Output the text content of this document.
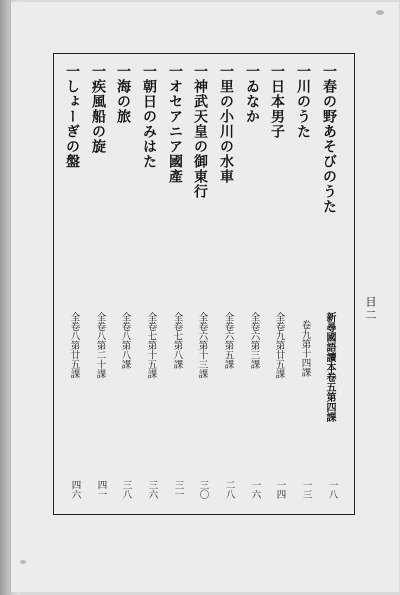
一春の野あそびのうた
新尋國語讀本卷五第四課
一八
一川のうた
卷九第十四課
一三
一日本男子
全卷九第廿五課
一四
一ゐなか
全卷六第三課
一六
一里の小川の水車
全卷六第五課
二八
一神武天皇の御東行
全卷六第十三課
三〇
一オセアニア國產
全卷七第八課
三一
一朝日のみはた
全卷七第十五課
三六
一海の旅
全卷八第八課
三八
一疾風船の旋
全卷八第二十課
四一
一しょーぎの盤
全卷八第廿五課
四六
目二
